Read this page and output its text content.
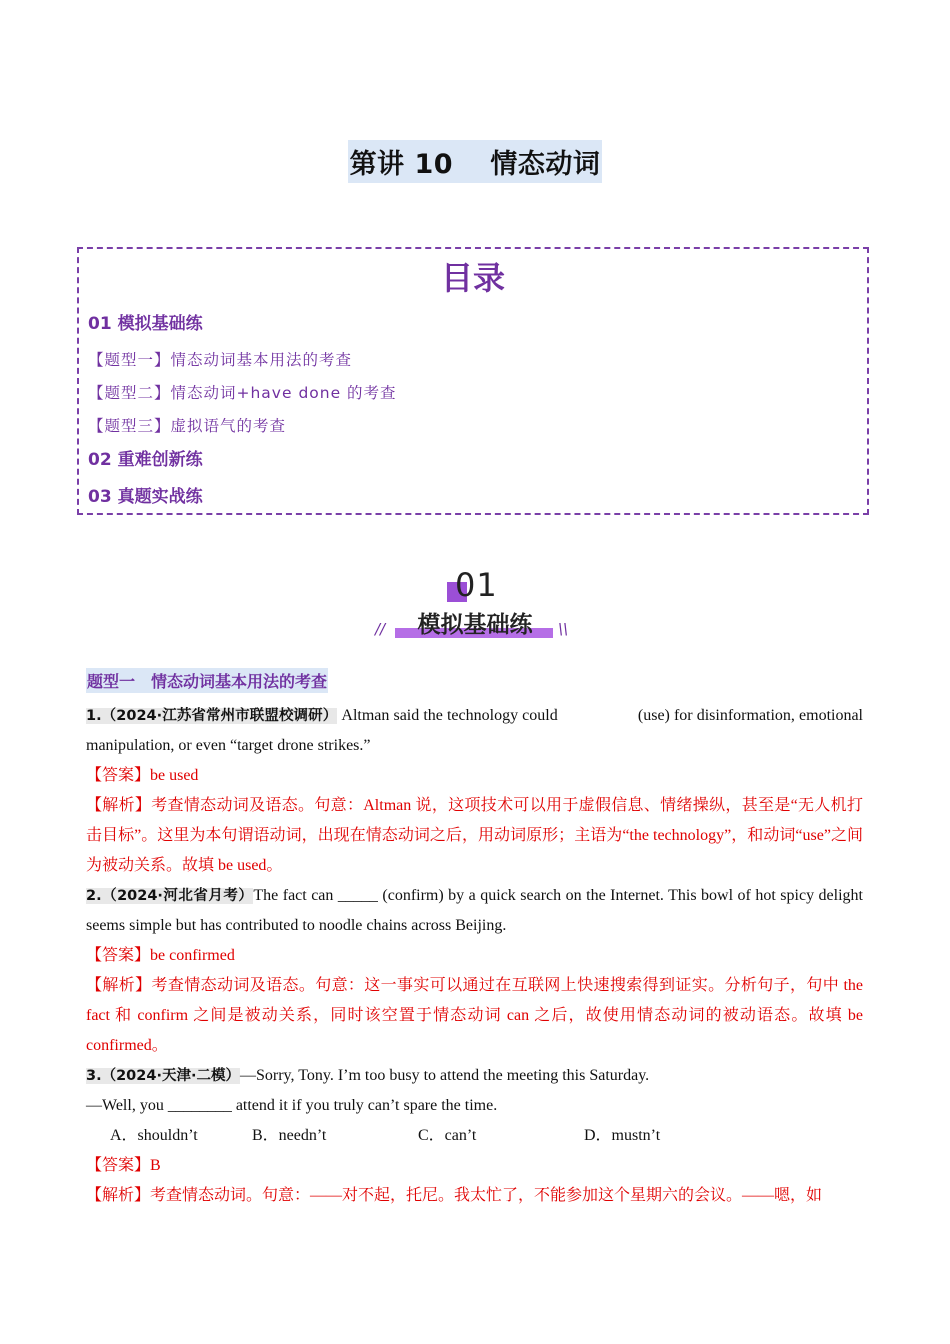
第讲 10　 情态动词
目录
01 模拟基础练
【题型一】情态动词基本用法的考查
【题型二】情态动词+have done 的考查
【题型三】虚拟语气的考查
02 重难创新练
03 真题实战练
01
模拟基础练
//	\\
题型一　情态动词基本用法的考查
1.（2024·江苏省常州市联盟校调研） Altman said the technology could	(use) for disinformation, emotional manipulation, or even “target drone strikes.”
【答案】be used
【解析】考查情态动词及语态。句意：Altman 说，这项技术可以用于虚假信息、情绪操纵，甚至是“无人机打击目标”。这里为本句谓语动词，出现在情态动词之后，用动词原形；主语为“the technology”，和动词“use”之间为被动关系。故填 be used。
2.（2024·河北省月考）The fact can _____ (confirm) by a quick search on the Internet. This bowl of hot spicy delight seems simple but has contributed to noodle chains across Beijing.
【答案】be confirmed
【解析】考查情态动词及语态。句意：这一事实可以通过在互联网上快速搜索得到证实。分析句子，句中 the fact 和 confirm 之间是被动关系，同时该空置于情态动词 can 之后，故使用情态动词的被动语态。故填 be confirmed。
3.（2024·天津·二模）—Sorry, Tony. I’m too busy to attend the meeting this Saturday.
—Well, you ________ attend it if you truly can’t spare the time.
A．shouldn’t	B．needn’t	C．can’t	D．mustn’t
【答案】B
【解析】考查情态动词。句意：——对不起，托尼。我太忙了，不能参加这个星期六的会议。——嗯，如
